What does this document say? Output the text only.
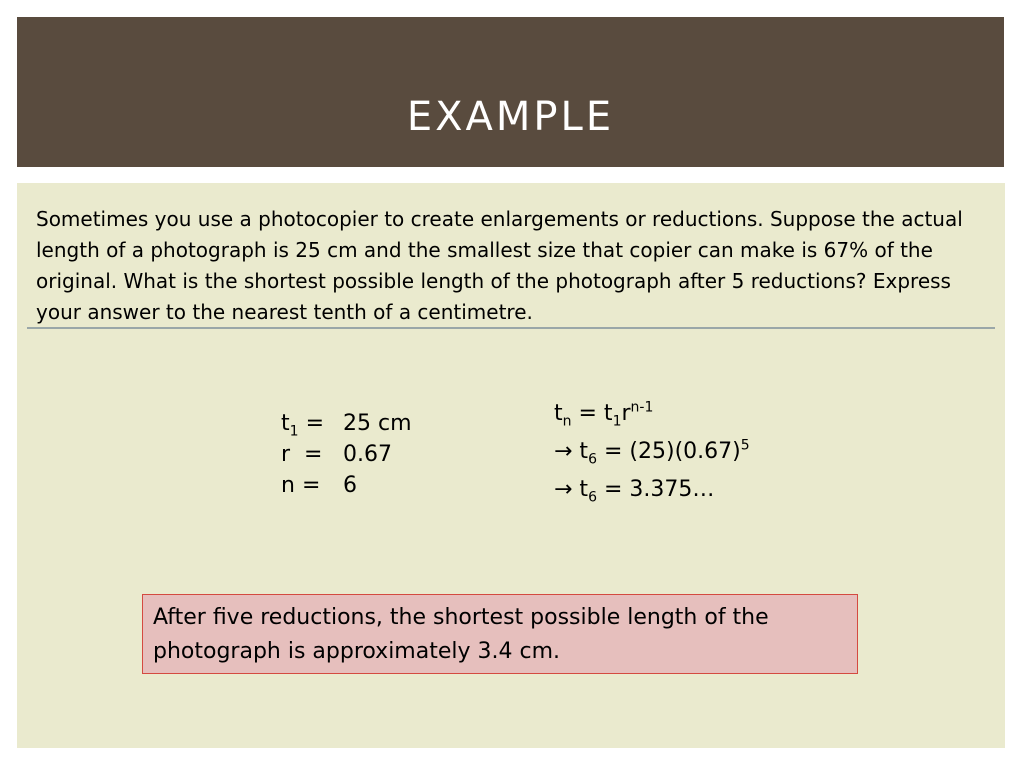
EXAMPLE
Sometimes you use a photocopier to create enlargements or reductions. Suppose the actual length of a photograph is 25 cm and the smallest size that copier can make is 67% of the original. What is the shortest possible length of the photograph after 5 reductions? Express your answer to the nearest tenth of a centimetre.
$t_1 = 25$ cm
r = 0.67
n = 6
$t_n = t_1r^{n-1}$
→ $t_6 = (25)(0.67)^5$
→ $t_6$ = 3.375…
After five reductions, the shortest possible length of the photograph is approximately 3.4 cm.
